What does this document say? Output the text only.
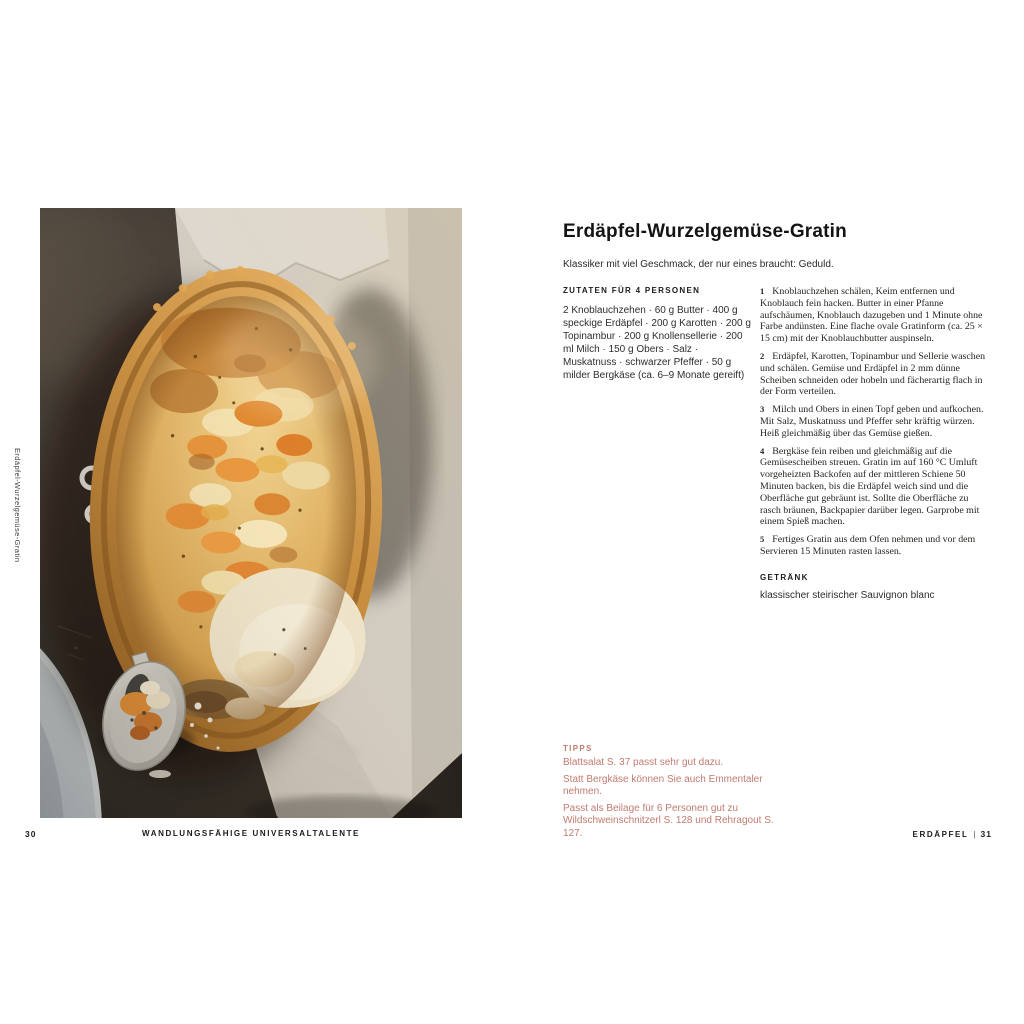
Erdäpfel-Wurzelgemüse-Gratin
Erdäpfel-Wurzelgemüse-Gratin

Klassiker mit viel Geschmack, der nur eines braucht: Geduld.

ZUTATEN FÜR 4 PERSONEN

2 Knoblauchzehen · 60 g Butter · 400 g speckige Erdäpfel · 200 g Karotten · 200 g Topinambur · 200 g Knollensellerie · 200 ml Milch · 150 g Obers · Salz · Muskatnuss · schwarzer Pfeffer · 50 g milder Bergkäse (ca. 6–9 Monate gereift)

1 Knoblauchzehen schälen, Keim entfernen und Knoblauch fein hacken. Butter in einer Pfanne aufschäumen, Knoblauch dazugeben und 1 Minute ohne Farbe andünsten. Eine flache ovale Gratinform (ca. 25 × 15 cm) mit der Knoblauchbutter auspinseln.

2 Erdäpfel, Karotten, Topinambur und Sellerie waschen und schälen. Gemüse und Erdäpfel in 2 mm dünne Scheiben schneiden oder hobeln und fächerartig flach in der Form verteilen.

3 Milch und Obers in einen Topf geben und aufkochen. Mit Salz, Muskatnuss und Pfeffer sehr kräftig würzen. Heiß gleichmäßig über das Gemüse gießen.

4 Bergkäse fein reiben und gleichmäßig auf die Gemüsescheiben streuen. Gratin im auf 160 °C Umluft vorgeheizten Backofen auf der mittleren Schiene 50 Minuten backen, bis die Erdäpfel weich sind und die Oberfläche gut gebräunt ist. Sollte die Oberfläche zu rasch bräunen, Backpapier darüber legen. Garprobe mit einem Spieß machen.

5 Fertiges Gratin aus dem Ofen nehmen und vor dem Servieren 15 Minuten rasten lassen.

GETRÄNK

klassischer steirischer Sauvignon blanc

TIPPS

Blattsalat S. 37 passt sehr gut dazu.

Statt Bergkäse können Sie auch Emmentaler nehmen.

Passt als Beilage für 6 Personen gut zu Wildschweinschnitzerl S. 128 und Rehragout S. 127.

30	WANDLUNGSFÄHIGE UNIVERSALTALENTE	ERDÄPFEL | 31
